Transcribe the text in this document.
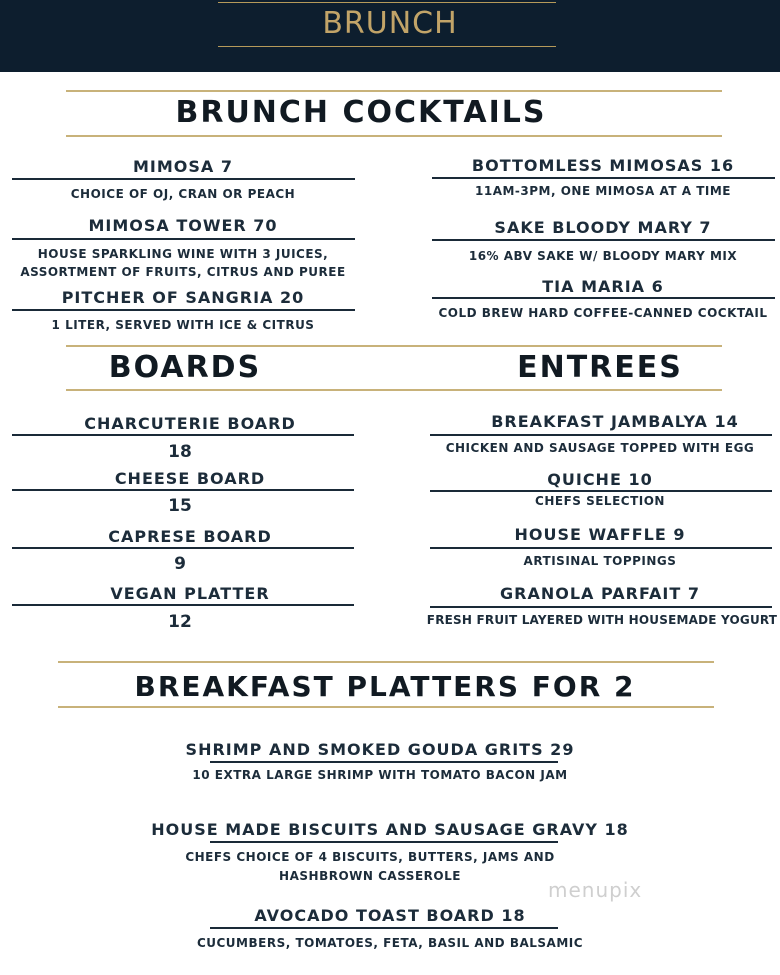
BRUNCH
BRUNCH COCKTAILS
MIMOSA 7
CHOICE OF OJ, CRAN OR PEACH
MIMOSA TOWER 70
HOUSE SPARKLING WINE WITH 3 JUICES,
ASSORTMENT OF FRUITS, CITRUS AND PUREE
PITCHER OF SANGRIA 20
1 LITER, SERVED WITH ICE & CITRUS
BOTTOMLESS MIMOSAS 16
11AM-3PM, ONE MIMOSA AT A TIME
SAKE BLOODY MARY 7
16% ABV SAKE W/ BLOODY MARY MIX
TIA MARIA 6
COLD BREW HARD COFFEE-CANNED COCKTAIL
BOARDS	ENTREES
CHARCUTERIE BOARD
18
CHEESE BOARD
15
CAPRESE BOARD
9
VEGAN PLATTER
12
BREAKFAST JAMBALYA 14
CHICKEN AND SAUSAGE TOPPED WITH EGG
QUICHE 10
CHEFS SELECTION
HOUSE WAFFLE 9
ARTISINAL TOPPINGS
GRANOLA PARFAIT 7
FRESH FRUIT LAYERED WITH HOUSEMADE YOGURT
BREAKFAST PLATTERS FOR 2
SHRIMP AND SMOKED GOUDA GRITS 29
10 EXTRA LARGE SHRIMP WITH TOMATO BACON JAM
HOUSE MADE BISCUITS AND SAUSAGE GRAVY 18
CHEFS CHOICE OF 4 BISCUITS, BUTTERS, JAMS AND
HASHBROWN CASSEROLE
AVOCADO TOAST BOARD 18
CUCUMBERS, TOMATOES, FETA, BASIL AND BALSAMIC
menupix
